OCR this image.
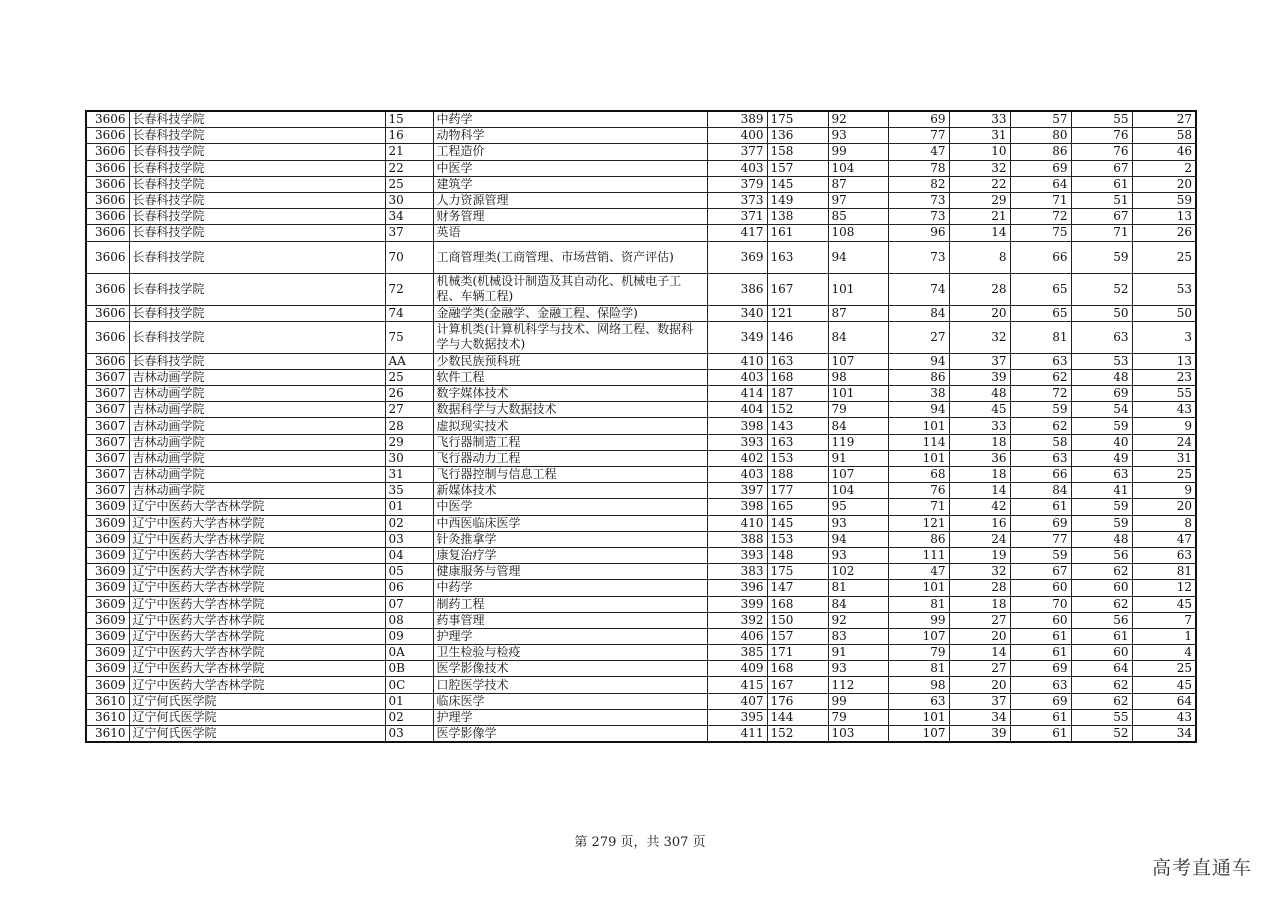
3606	长春科技学院	15	中药学	389	175	92	69	33	57	55	27
3606	长春科技学院	16	动物科学	400	136	93	77	31	80	76	58
3606	长春科技学院	21	工程造价	377	158	99	47	10	86	76	46
3606	长春科技学院	22	中医学	403	157	104	78	32	69	67	2
3606	长春科技学院	25	建筑学	379	145	87	82	22	64	61	20
3606	长春科技学院	30	人力资源管理	373	149	97	73	29	71	51	59
3606	长春科技学院	34	财务管理	371	138	85	73	21	72	67	13
3606	长春科技学院	37	英语	417	161	108	96	14	75	71	26
3606	长春科技学院	70	工商管理类(工商管理、市场营销、资产评估)	369	163	94	73	8	66	59	25
3606	长春科技学院	72	机械类(机械设计制造及其自动化、机械电子工程、车辆工程)	386	167	101	74	28	65	52	53
3606	长春科技学院	74	金融学类(金融学、金融工程、保险学)	340	121	87	84	20	65	50	50
3606	长春科技学院	75	计算机类(计算机科学与技术、网络工程、数据科学与大数据技术)	349	146	84	27	32	81	63	3
3606	长春科技学院	AA	少数民族预科班	410	163	107	94	37	63	53	13
3607	吉林动画学院	25	软件工程	403	168	98	86	39	62	48	23
3607	吉林动画学院	26	数字媒体技术	414	187	101	38	48	72	69	55
3607	吉林动画学院	27	数据科学与大数据技术	404	152	79	94	45	59	54	43
3607	吉林动画学院	28	虚拟现实技术	398	143	84	101	33	62	59	9
3607	吉林动画学院	29	飞行器制造工程	393	163	119	114	18	58	40	24
3607	吉林动画学院	30	飞行器动力工程	402	153	91	101	36	63	49	31
3607	吉林动画学院	31	飞行器控制与信息工程	403	188	107	68	18	66	63	25
3607	吉林动画学院	35	新媒体技术	397	177	104	76	14	84	41	9
3609	辽宁中医药大学杏林学院	01	中医学	398	165	95	71	42	61	59	20
3609	辽宁中医药大学杏林学院	02	中西医临床医学	410	145	93	121	16	69	59	8
3609	辽宁中医药大学杏林学院	03	针灸推拿学	388	153	94	86	24	77	48	47
3609	辽宁中医药大学杏林学院	04	康复治疗学	393	148	93	111	19	59	56	63
3609	辽宁中医药大学杏林学院	05	健康服务与管理	383	175	102	47	32	67	62	81
3609	辽宁中医药大学杏林学院	06	中药学	396	147	81	101	28	60	60	12
3609	辽宁中医药大学杏林学院	07	制药工程	399	168	84	81	18	70	62	45
3609	辽宁中医药大学杏林学院	08	药事管理	392	150	92	99	27	60	56	7
3609	辽宁中医药大学杏林学院	09	护理学	406	157	83	107	20	61	61	1
3609	辽宁中医药大学杏林学院	0A	卫生检验与检疫	385	171	91	79	14	61	60	4
3609	辽宁中医药大学杏林学院	0B	医学影像技术	409	168	93	81	27	69	64	25
3609	辽宁中医药大学杏林学院	0C	口腔医学技术	415	167	112	98	20	63	62	45
3610	辽宁何氏医学院	01	临床医学	407	176	99	63	37	69	62	64
3610	辽宁何氏医学院	02	护理学	395	144	79	101	34	61	55	43
3610	辽宁何氏医学院	03	医学影像学	411	152	103	107	39	61	52	34
第 279 页，共 307 页
高考直通车
